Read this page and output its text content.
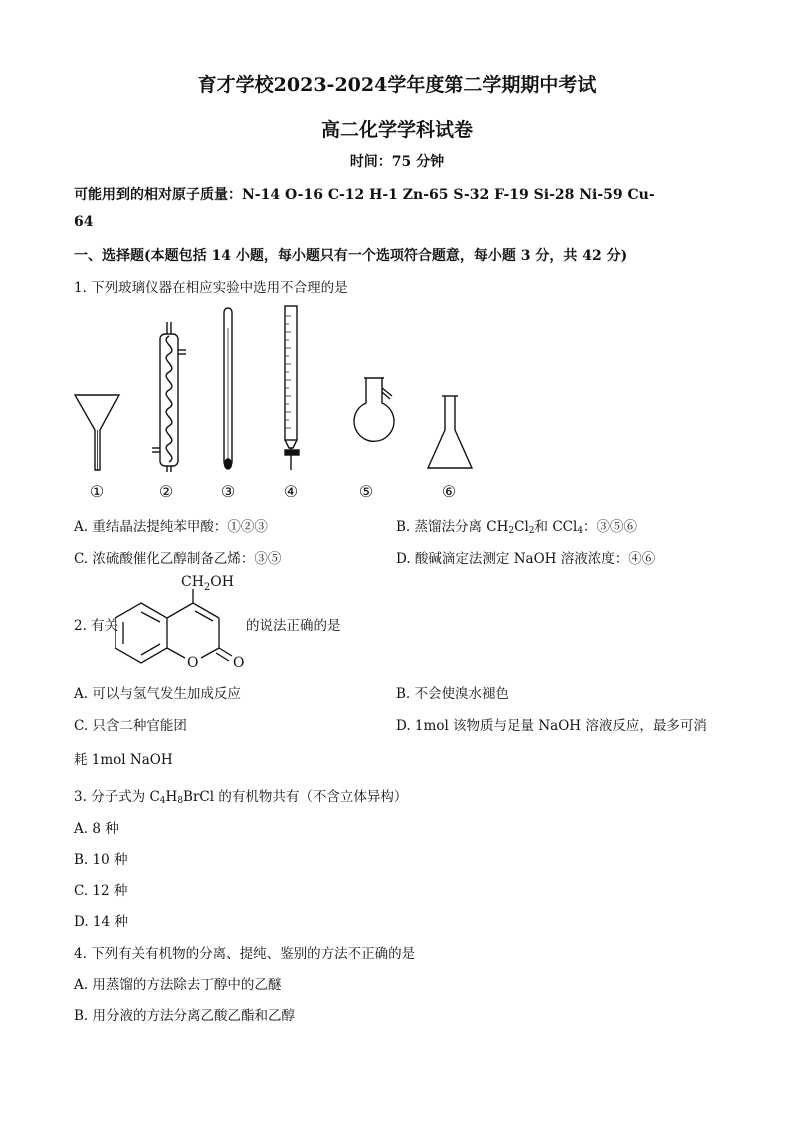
育才学校2023-2024学年度第二学期期中考试
高二化学学科试卷
时间：75 分钟
可能用到的相对原子质量：N-14 O-16 C-12 H-1 Zn-65 S-32 F-19 Si-28 Ni-59 Cu-
64
一、选择题(本题包括 14 小题，每小题只有一个选项符合题意，每小题 3 分，共 42 分)
1. 下列玻璃仪器在相应实验中选用不合理的是
①	②	③	④	⑤	⑥
A. 重结晶法提纯苯甲酸：①②③	B. 蒸馏法分离 $CH_2Cl_2$和 CCl$_4$：③⑤⑥
C. 浓硫酸催化乙醇制备乙烯：③⑤	D. 酸碱滴定法测定 NaOH 溶液浓度：④⑥
2. 有关
$CH_2OH$
O O
的说法正确的是
A. 可以与氢气发生加成反应	B. 不会使溴水褪色
C. 只含二种官能团	D. 1mol 该物质与足量 NaOH 溶液反应，最多可消
耗 1mol NaOH
3. 分子式为 $C_4H_8BrCl$ 的有机物共有（不含立体异构）
A. 8 种
B. 10 种
C. 12 种
D. 14 种
4. 下列有关有机物的分离、提纯、鉴别的方法不正确的是
A. 用蒸馏的方法除去丁醇中的乙醚
B. 用分液的方法分离乙酸乙酯和乙醇
